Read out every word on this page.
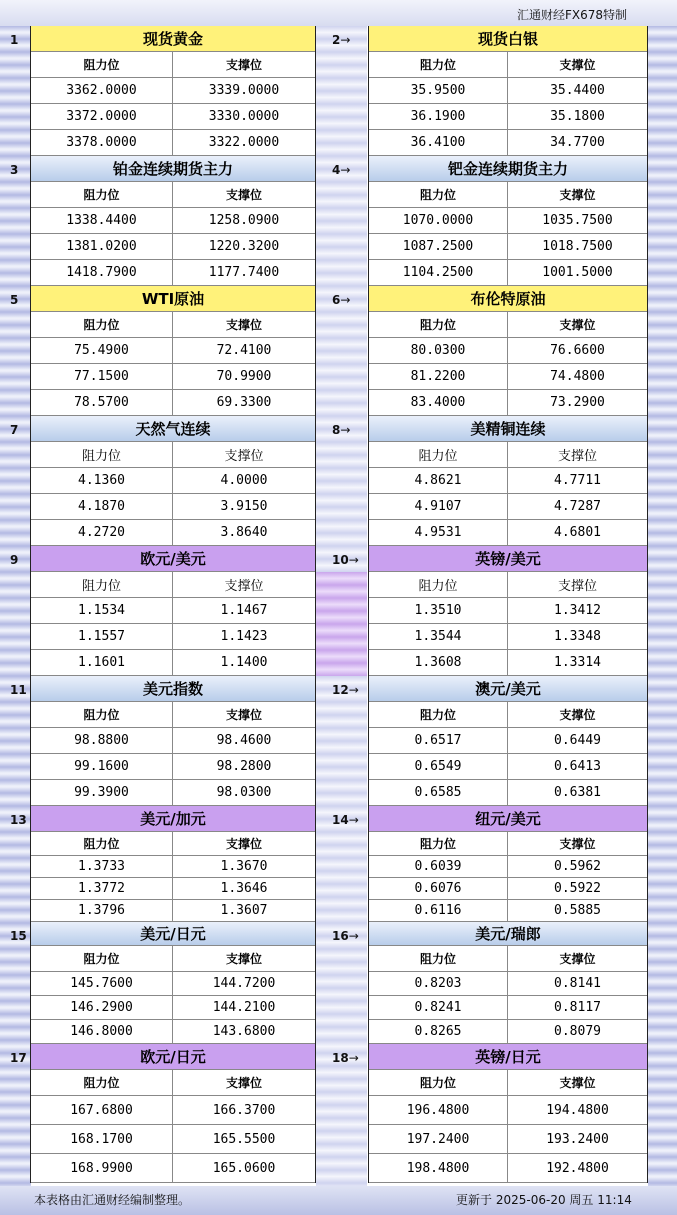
汇通财经FX678特制
1	现货黄金
阻力位	支撑位
3362.0000	3339.0000
3372.0000	3330.0000
3378.0000	3322.0000
2→	现货白银
阻力位	支撑位
35.9500	35.4400
36.1900	35.1800
36.4100	34.7700
3	铂金连续期货主力
阻力位	支撑位
1338.4400	1258.0900
1381.0200	1220.3200
1418.7900	1177.7400
4→	钯金连续期货主力
阻力位	支撑位
1070.0000	1035.7500
1087.2500	1018.7500
1104.2500	1001.5000
5	WTI原油
阻力位	支撑位
75.4900	72.4100
77.1500	70.9900
78.5700	69.3300
6→	布伦特原油
阻力位	支撑位
80.0300	76.6600
81.2200	74.4800
83.4000	73.2900
7	天然气连续
阻力位	支撑位
4.1360	4.0000
4.1870	3.9150
4.2720	3.8640
8→	美精铜连续
阻力位	支撑位
4.8621	4.7711
4.9107	4.7287
4.9531	4.6801
9	欧元/美元
阻力位	支撑位
1.1534	1.1467
1.1557	1.1423
1.1601	1.1400
10→	英镑/美元
阻力位	支撑位
1.3510	1.3412
1.3544	1.3348
1.3608	1.3314
11	美元指数
阻力位	支撑位
98.8800	98.4600
99.1600	98.2800
99.3900	98.0300
12→	澳元/美元
阻力位	支撑位
0.6517	0.6449
0.6549	0.6413
0.6585	0.6381
13	美元/加元
阻力位	支撑位
1.3733	1.3670
1.3772	1.3646
1.3796	1.3607
14→	纽元/美元
阻力位	支撑位
0.6039	0.5962
0.6076	0.5922
0.6116	0.5885
15	美元/日元
阻力位	支撑位
145.7600	144.7200
146.2900	144.2100
146.8000	143.6800
16→	美元/瑞郎
阻力位	支撑位
0.8203	0.8141
0.8241	0.8117
0.8265	0.8079
17	欧元/日元
阻力位	支撑位
167.6800	166.3700
168.1700	165.5500
168.9900	165.0600
18→	英镑/日元
阻力位	支撑位
196.4800	194.4800
197.2400	193.2400
198.4800	192.4800
本表格由汇通财经编制整理。	更新于 2025-06-20 周五 11:14
